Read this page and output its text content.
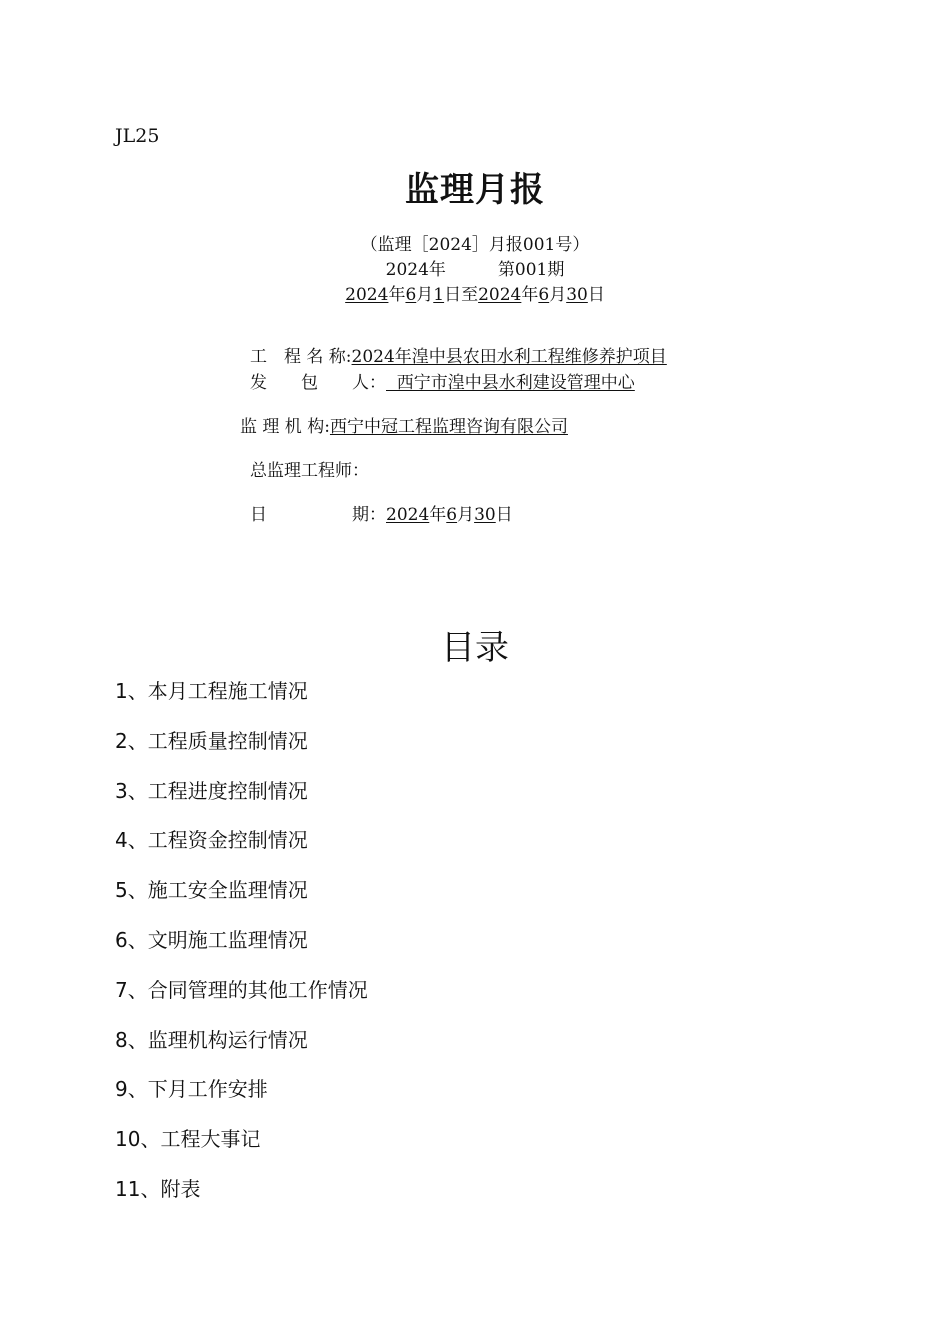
JL25
监理月报
（监理［2024］月报001号）
2024年	第001期
2024年6月1日至2024年6月30日
工　程 名 称:2024年湟中县农田水利工程维修养护项目
发　　包　　人：  西宁市湟中县水利建设管理中心
监 理 机 构:西宁中冠工程监理咨询有限公司
总监理工程师：
日　　　　　期：2024年6月30日
目录
1、本月工程施工情况
2、工程质量控制情况
3、工程进度控制情况
4、工程资金控制情况
5、施工安全监理情况
6、文明施工监理情况
7、合同管理的其他工作情况
8、监理机构运行情况
9、下月工作安排
10、工程大事记
11、附表
